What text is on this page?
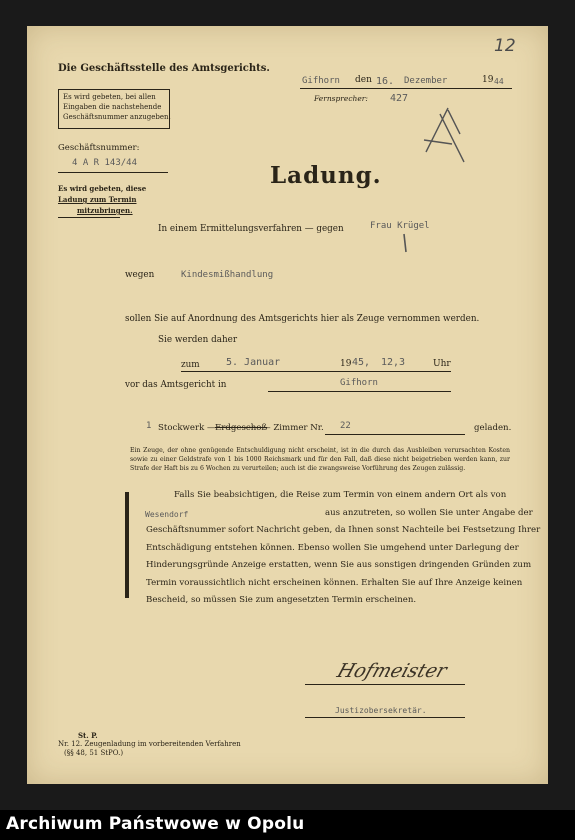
12
Die Geschäftsstelle des Amtsgerichts.
Es wird gebeten, bei allen
Eingaben die nachstehende
Geschäftsnummer anzugeben.
Gifhorn den 16. Dezember	19 44
Fernsprecher: 427
Geschäftsnummer:
4 A R 143/44
Es wird gebeten, diese
Ladung zum Termin
mitzubringen.
Ladung.
In einem Ermittelungsverfahren — gegen	Frau Krügel
wegen	Kindesmißhandlung
sollen Sie auf Anordnung des Amtsgerichts hier als Zeuge vernommen werden.
Sie werden daher
zum	5. Januar	19 45, 12,3	Uhr
vor das Amtsgericht in	Gifhorn
1 Stockwerk — Erdgeschoß
— Zimmer Nr. 22	geladen.
Ein Zeuge, der ohne genügende Entschuldigung nicht erscheint, ist in die durch das Ausbleiben verursachten Kosten sowie zu einer Geldstrafe von 1 bis 1000 Reichsmark und für den Fall, daß diese nicht beigetrieben werden kann, zur Strafe der Haft bis zu 6 Wochen zu verurteilen; auch ist die zwangsweise Vorführung des Zeugen zulässig.
Falls Sie beabsichtigen, die Reise zum Termin von einem andern Ort als von
Wesendorf	aus anzutreten, so wollen Sie unter Angabe der
Geschäftsnummer sofort Nachricht geben, da Ihnen sonst Nachteile bei Festsetzung Ihrer
Entschädigung entstehen können. Ebenso wollen Sie umgehend unter Darlegung der
Hinderungsgründe Anzeige erstatten, wenn Sie aus sonstigen dringenden Gründen zum
Termin voraussichtlich nicht erscheinen können. Erhalten Sie auf Ihre Anzeige keinen
Bescheid, so müssen Sie zum angesetzten Termin erscheinen.
Hofmeister
Justizobersekretär.
St. P.
Nr. 12. Zeugenladung im vorbereitenden Verfahren
(§§ 48, 51 StPO.)
Archiwum Państwowe w Opolu
